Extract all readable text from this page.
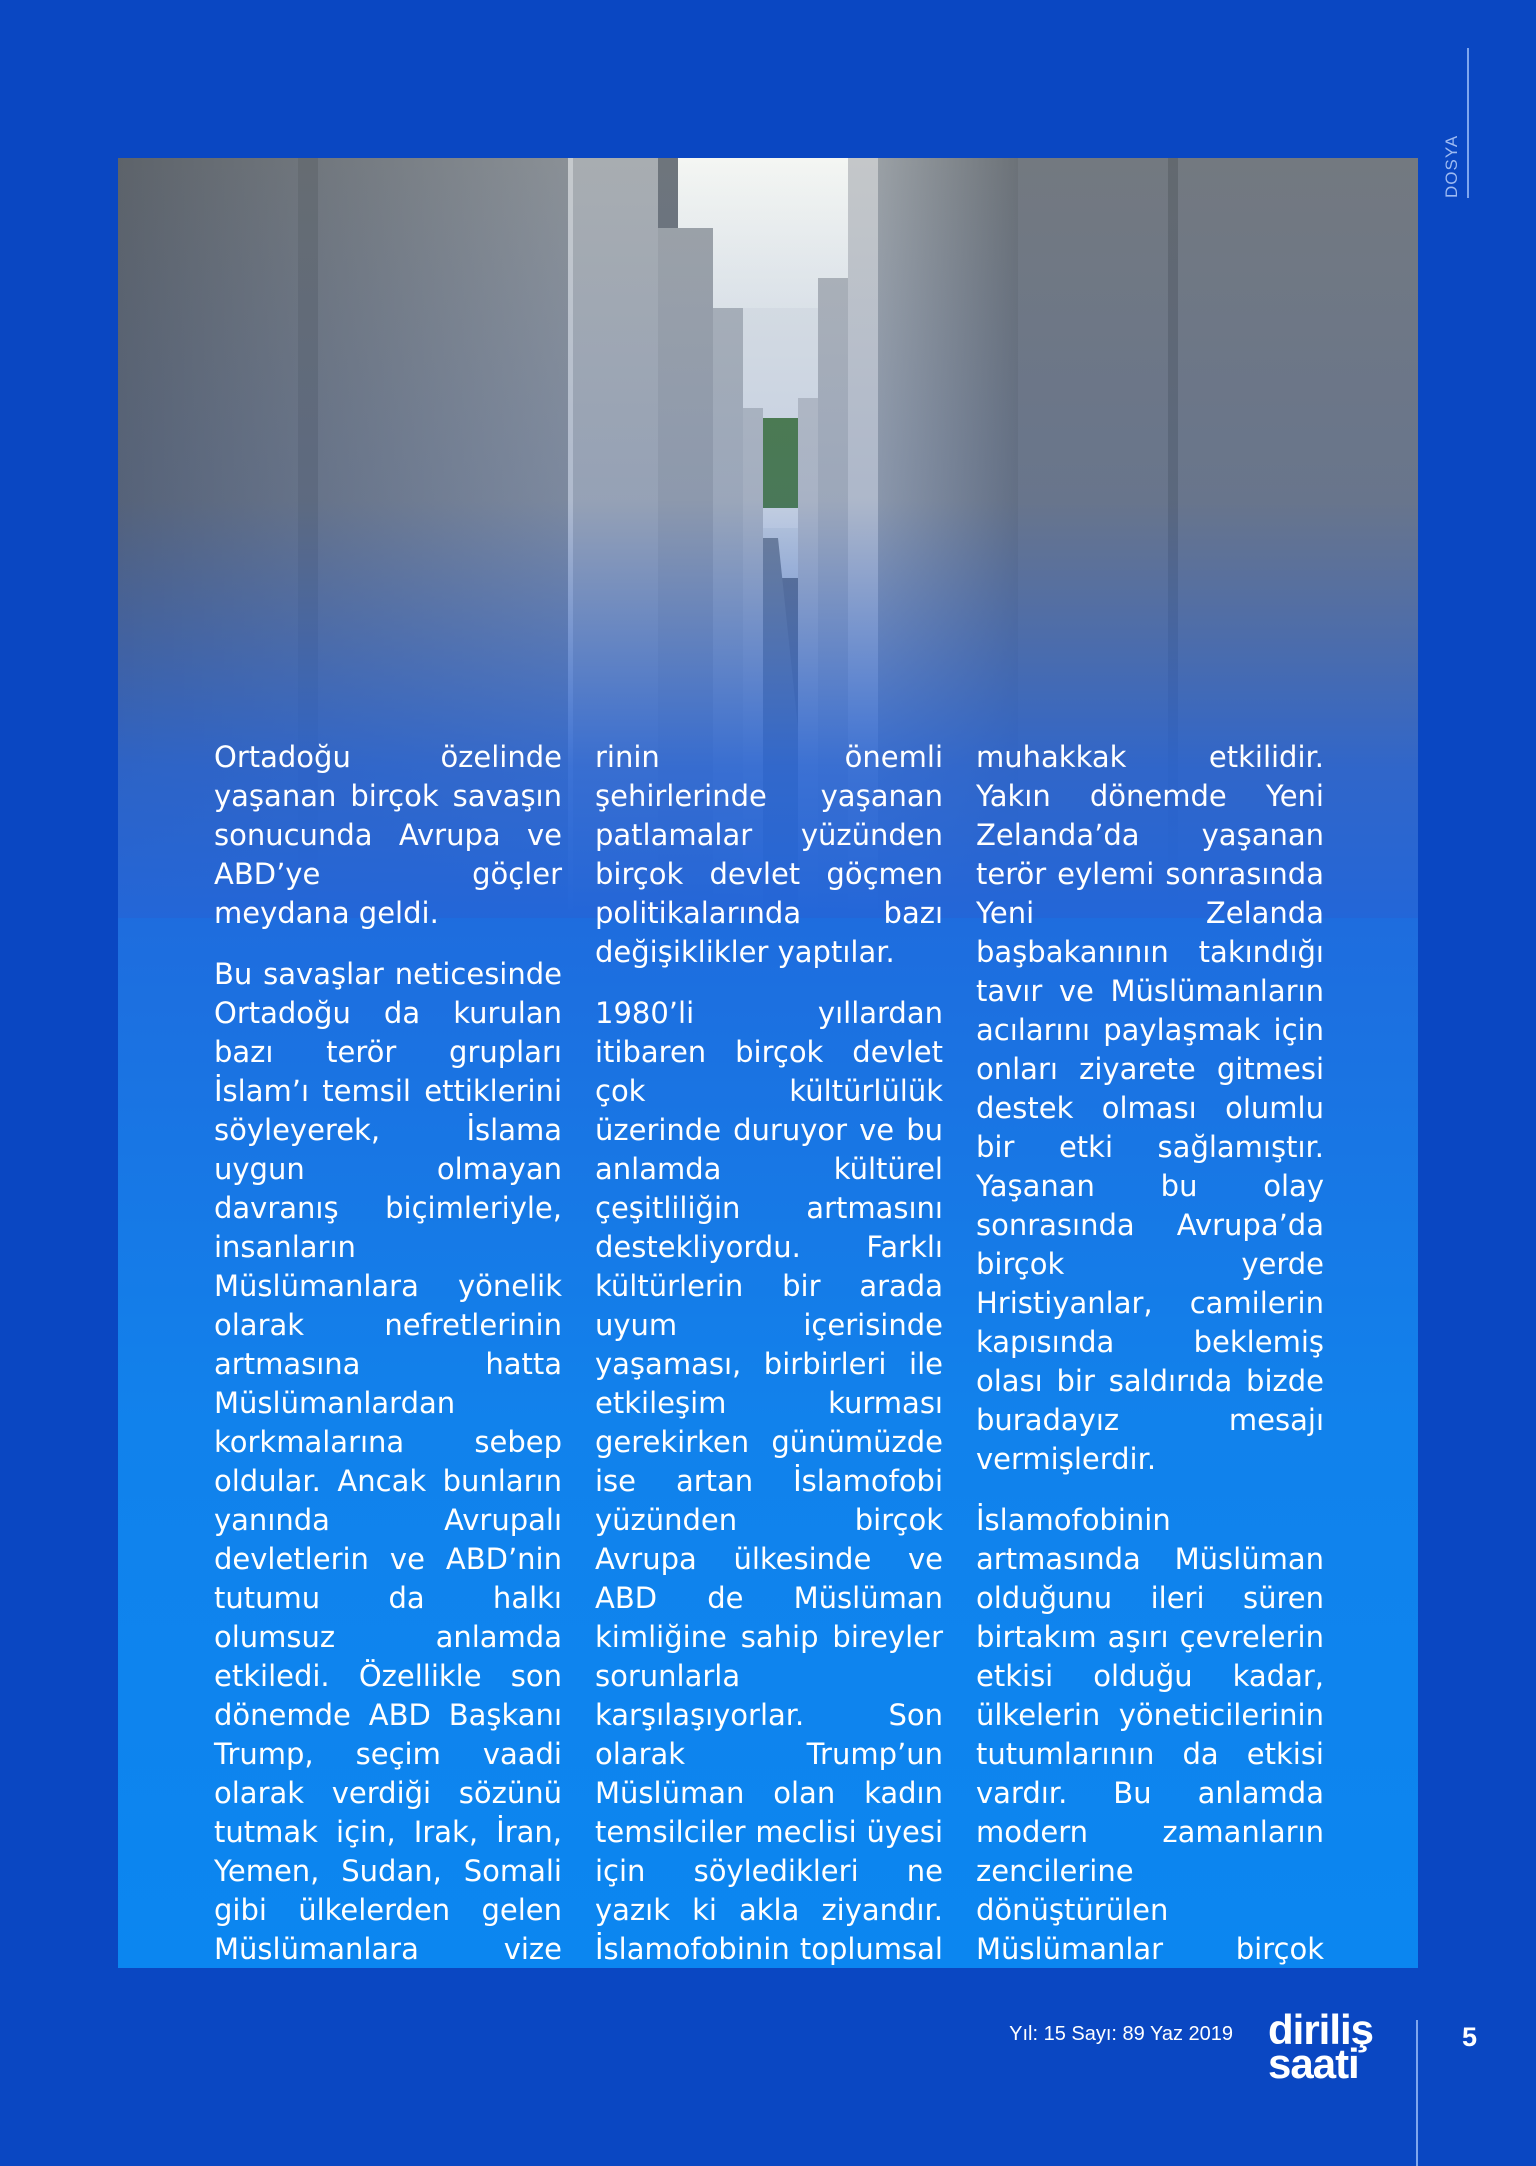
DOSYA

Ortadoğu özelinde yaşanan birçok savaşın sonucunda Avrupa ve ABD’ye göçler meydana geldi.

Bu savaşlar neticesinde Ortadoğu da kurulan bazı terör grupları İslam’ı temsil ettiklerini söyleyerek, İslama uygun olmayan davranış biçimleriyle, insanların Müslümanlara yönelik olarak nefretlerinin artmasına hatta Müslümanlardan korkmalarına sebep oldular. Ancak bunların yanında Avrupalı devletlerin ve ABD’nin tutumu da halkı olumsuz anlamda etkiledi. Özellikle son dönemde ABD Başkanı Trump, seçim vaadi olarak verdiği sözünü tutmak için, Irak, İran, Yemen, Sudan, Somali gibi ülkelerden gelen Müslümanlara vize

rinin önemli şehirlerinde yaşanan patlamalar yüzünden birçok devlet göçmen politikalarında bazı değişiklikler yaptılar.

1980’li yıllardan itibaren birçok devlet çok kültürlülük üzerinde duruyor ve bu anlamda kültürel çeşitliliğin artmasını destekliyordu. Farklı kültürlerin bir arada uyum içerisinde yaşaması, birbirleri ile etkileşim kurması gerekirken günümüzde ise artan İslamofobi yüzünden birçok Avrupa ülkesinde ve ABD de Müslüman kimliğine sahip bireyler sorunlarla karşılaşıyorlar. Son olarak Trump’un Müslüman olan kadın temsilciler meclisi üyesi için söyledikleri ne yazık ki akla ziyandır. İslamofobinin toplumsal

muhakkak etkilidir. Yakın dönemde Yeni Zelanda’da yaşanan terör eylemi sonrasında Yeni Zelanda başbakanının takındığı tavır ve Müslümanların acılarını paylaşmak için onları ziyarete gitmesi destek olması olumlu bir etki sağlamıştır. Yaşanan bu olay sonrasında Avrupa’da birçok yerde Hristiyanlar, camilerin kapısında beklemiş olası bir saldırıda bizde buradayız mesajı vermişlerdir.

İslamofobinin artmasında Müslüman olduğunu ileri süren birtakım aşırı çevrelerin etkisi olduğu kadar, ülkelerin yöneticilerinin tutumlarının da etkisi vardır. Bu anlamda modern zamanların zencilerine dönüştürülen Müslümanlar birçok

Yıl: 15 Sayı: 89 Yaz 2019 diriliş
saati
5
